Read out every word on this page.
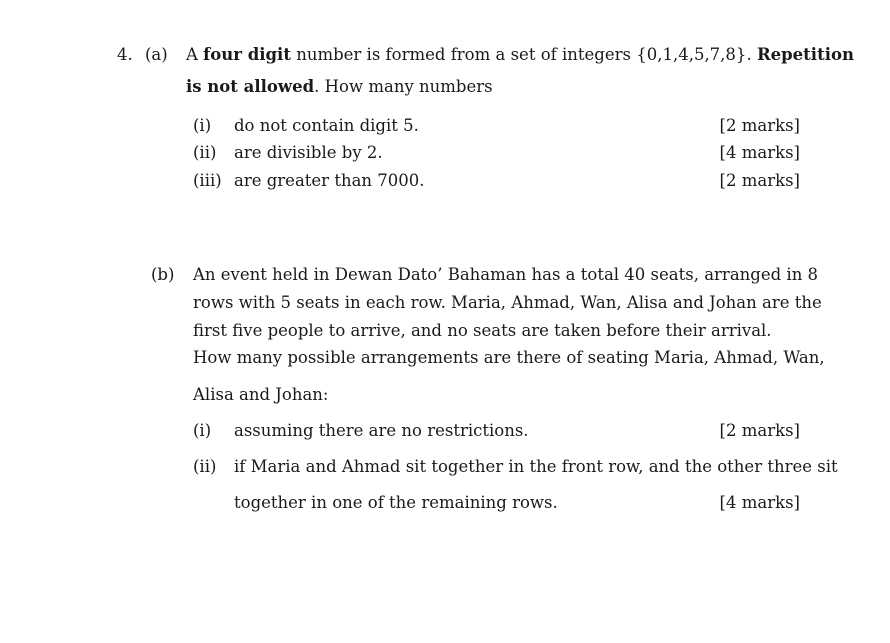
4. (a) A four digit number is formed from a set of integers {0,1,4,5,7,8}. Repetition
is not allowed. How many numbers
(i) do not contain digit 5.	[2 marks]
(ii) are divisible by 2.	[4 marks]
(iii) are greater than 7000.	[2 marks]
(b) An event held in Dewan Dato’ Bahaman has a total 40 seats, arranged in 8
rows with 5 seats in each row. Maria, Ahmad, Wan, Alisa and Johan are the
first five people to arrive, and no seats are taken before their arrival.
How many possible arrangements are there of seating Maria, Ahmad, Wan,
Alisa and Johan:
(i) assuming there are no restrictions.	[2 marks]
(ii) if Maria and Ahmad sit together in the front row, and the other three sit
together in one of the remaining rows.	[4 marks]
